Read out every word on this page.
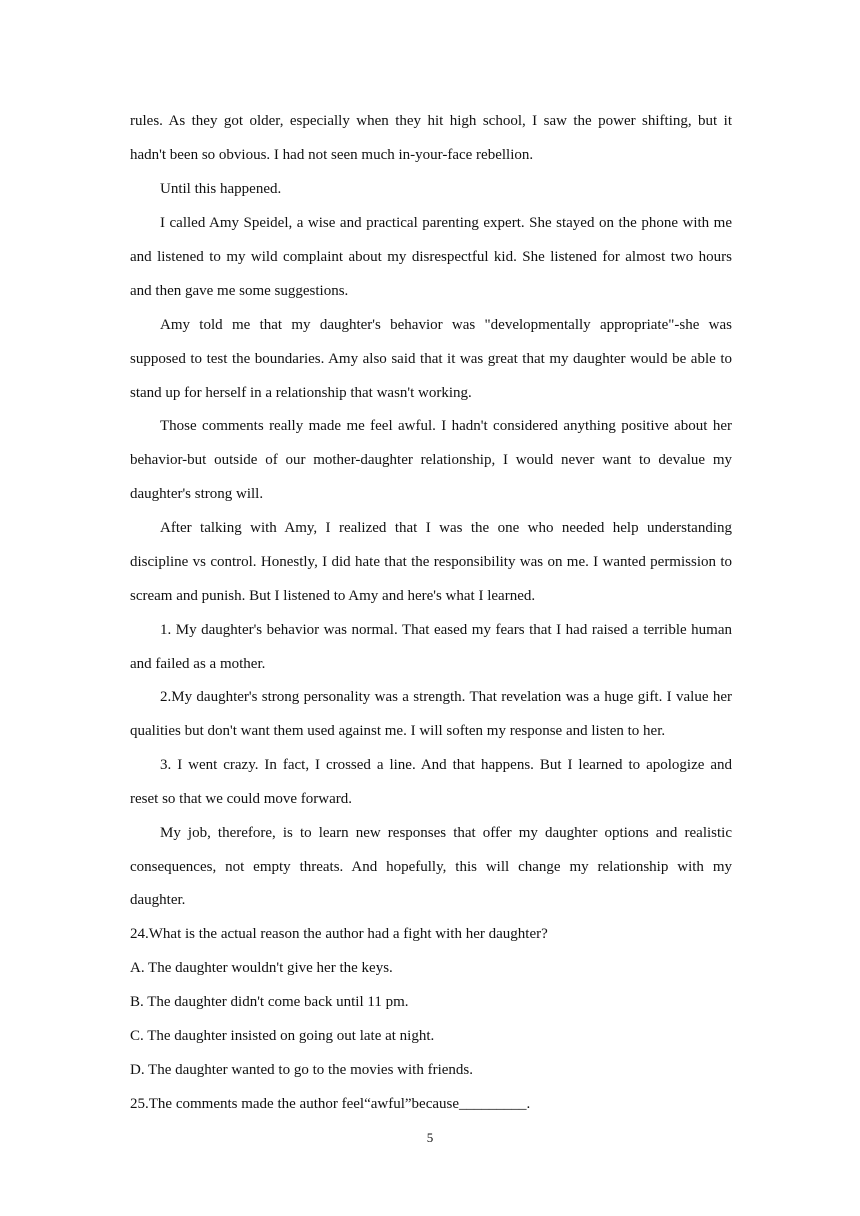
rules. As they got older, especially when they hit high school, I saw the power shifting, but it
hadn't been so obvious. I had not seen much in-your-face rebellion.
Until this happened.
I called Amy Speidel, a wise and practical parenting expert. She stayed on the phone with me
and listened to my wild complaint about my disrespectful kid. She listened for almost two hours
and then gave me some suggestions.
Amy told me that my daughter's behavior was "developmentally appropriate"-she was
supposed to test the boundaries. Amy also said that it was great that my daughter would be able to
stand up for herself in a relationship that wasn't working.
Those comments really made me feel awful. I hadn't considered anything positive about her
behavior-but outside of our mother-daughter relationship, I would never want to devalue my
daughter's strong will.
After talking with Amy, I realized that I was the one who needed help understanding
discipline vs control. Honestly, I did hate that the responsibility was on me. I wanted permission to
scream and punish. But I listened to Amy and here's what I learned.
1. My daughter's behavior was normal. That eased my fears that I had raised a terrible human
and failed as a mother.
2.My daughter's strong personality was a strength. That revelation was a huge gift. I value her
qualities but don't want them used against me. I will soften my response and listen to her.
3. I went crazy. In fact, I crossed a line. And that happens. But I learned to apologize and
reset so that we could move forward.
My job, therefore, is to learn new responses that offer my daughter options and realistic
consequences, not empty threats. And hopefully, this will change my relationship with my
daughter.
24.What is the actual reason the author had a fight with her daughter?
A. The daughter wouldn't give her the keys.
B. The daughter didn't come back until 11 pm.
C. The daughter insisted on going out late at night.
D. The daughter wanted to go to the movies with friends.
25.The comments made the author feel“awful”because_________.
5
